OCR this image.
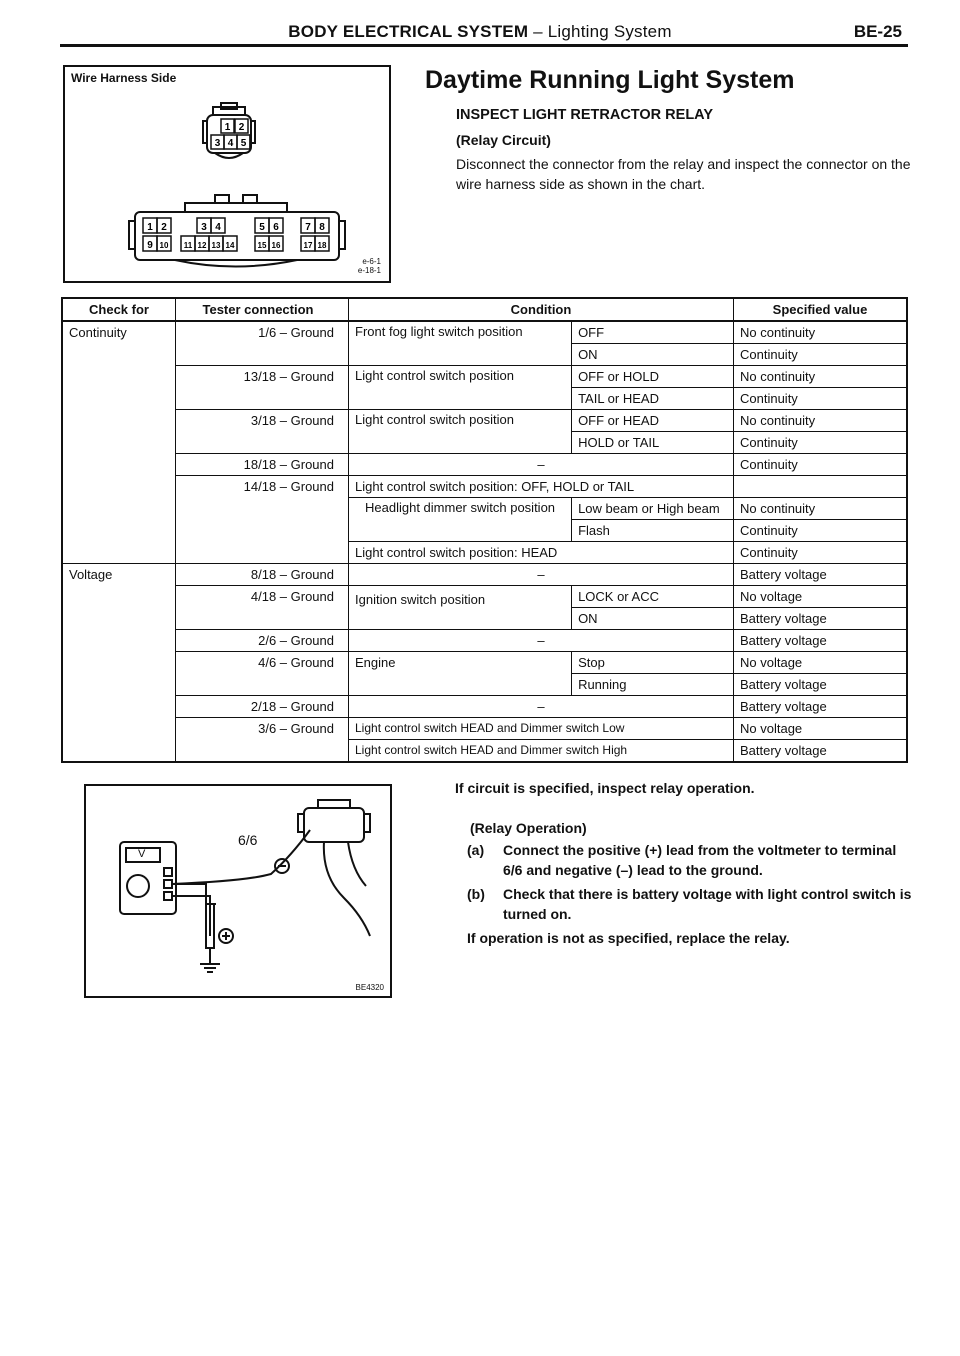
BODY ELECTRICAL SYSTEM – Lighting System	BE-25
Wire Harness Side
1 2
3 4 5
1 2	3 4	5 6	7 8
9 10 11 12 13 14	15 16	17 18
e-6-1
e-18-1
Daytime Running Light System
INSPECT LIGHT RETRACTOR RELAY
(Relay Circuit)
Disconnect the connector from the relay and inspect the connector on the wire harness side as shown in the chart.
Check for	Tester connection	Condition		Specified value
Continuity	1/6 – Ground	Front fog light switch position	OFF	No continuity
			ON	Continuity
	13/18 – Ground	Light control switch position	OFF or HOLD	No continuity
			TAIL or HEAD	Continuity
	3/18 – Ground	Light control switch position	OFF or HEAD	No continuity
			HOLD or TAIL	Continuity
	18/18 – Ground	–		Continuity
	14/18 – Ground	Light control switch position: OFF, HOLD or TAIL		
		Headlight dimmer switch position	Low beam or High beam	No continuity
			Flash	Continuity
		Light control switch position: HEAD		Continuity
Voltage	8/18 – Ground	–		Battery voltage
	4/18 – Ground	Ignition switch position	LOCK or ACC	No voltage
			ON	Battery voltage
	2/6 – Ground	–		Battery voltage
	4/6 – Ground	Engine	Stop	No voltage
			Running	Battery voltage
	2/18 – Ground	–		Battery voltage
	3/6 – Ground	Light control switch HEAD and Dimmer switch Low		No voltage
		Light control switch HEAD and Dimmer switch High		Battery voltage
6/6
V
BE4320
If circuit is specified, inspect relay operation.
(Relay Operation)
(a) Connect the positive (+) lead from the voltmeter to terminal 6/6 and negative (–) lead to the ground.
(b) Check that there is battery voltage with light control switch is turned on.
If operation is not as specified, replace the relay.
